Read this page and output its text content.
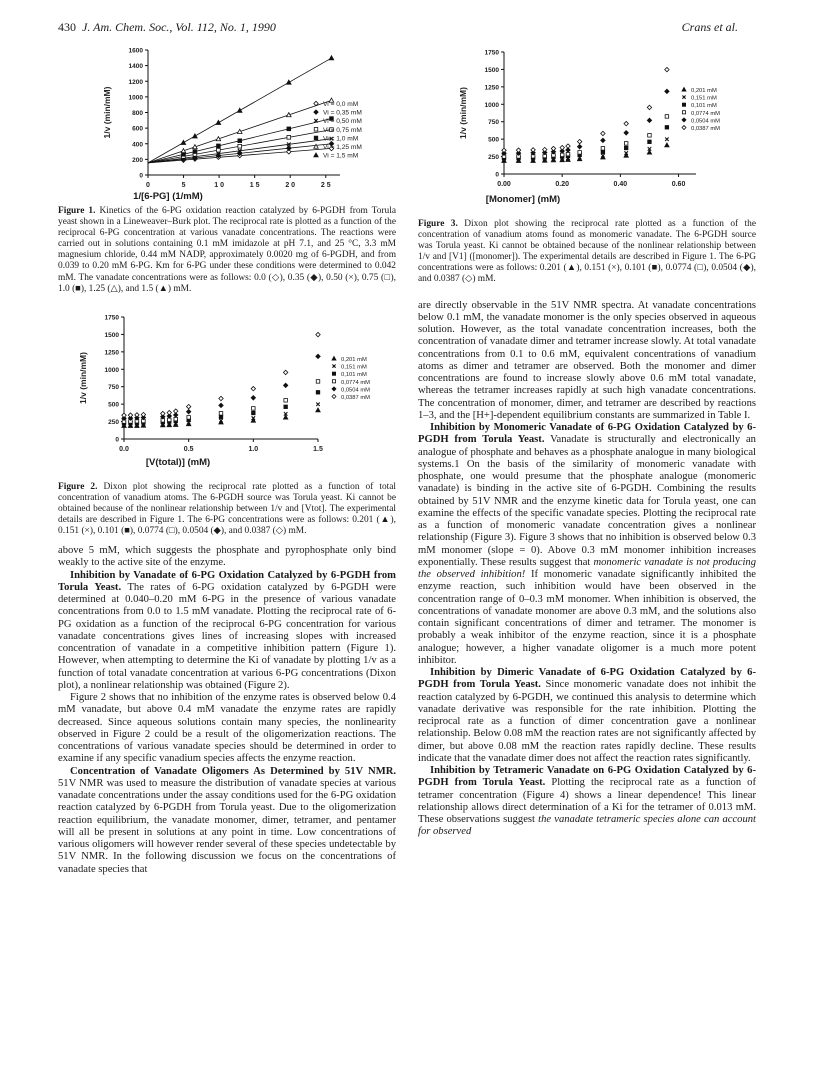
430 J. Am. Chem. Soc., Vol. 112, No. 1, 1990	Crans et al.
0
200
400
600
800
1000
1200
1400
1600
0	5	1 0	1 5	2 0	2 5
1/v (min/mM)	Vi = 0,0 mM
Vi = 0,35 mM
Vi = 0,50 mM
Vi = 0,75 mM
Vi = 1,0 mM
Vi = 1,25 mM
Vi = 1,5 mM
1/[6-PG] (1/mM)

Figure 1. Kinetics of the 6-PG oxidation reaction catalyzed by 6-PGDH from Torula yeast shown in a Lineweaver–Burk plot. The reciprocal rate is plotted as a function of the reciprocal 6-PG concentration at various vanadate concentrations. The reactions were carried out in solutions containing 0.1 mM imidazole at pH 7.1, and 25 °C, 3.3 mM magnesium chloride, 0.44 mM NADP, approximately 0.0020 mg of 6-PGDH, and from 0.039 to 0.20 mM 6-PG. Km for 6-PG under these conditions were determined to 0.042 mM. The vanadate concentrations were as follows: 0.0 (◇), 0.35 (◆), 0.50 (×), 0.75 (□), 1.0 (■), 1.25 (△), and 1.5 (▲) mM.

0
250
500
750
1000
1250
1500
1750
0.0	0.5	1.0	1.5
1/v (min/mM)	0,201 mM
0,151 mM
0,101 mM
0,0774 mM
0,0504 mM
0,0387 mM
[V(total)] (mM)

Figure 2. Dixon plot showing the reciprocal rate plotted as a function of total concentration of vanadium atoms. The 6-PGDH source was Torula yeast. Ki cannot be obtained because of the nonlinear relationship between 1/v and [Vtot]. The experimental details are described in Figure 1. The 6-PG concentrations were as follows: 0.201 (▲), 0.151 (×), 0.101 (■), 0.0774 (□), 0.0504 (◆), and 0.0387 (◇) mM.

above 5 mM, which suggests the phosphate and pyrophosphate only bind weakly to the active site of the enzyme.

Inhibition by Vanadate of 6-PG Oxidation Catalyzed by 6-PGDH from Torula Yeast. The rates of 6-PG oxidation catalyzed by 6-PGDH were determined at 0.040–0.20 mM 6-PG in the presence of various vanadate concentrations from 0.0 to 1.5 mM vanadate. Plotting the reciprocal rate of 6-PG oxidation as a function of the reciprocal 6-PG concentration for various vanadate concentrations gives lines of increasing slopes with increased concentration of vanadate in a competitive inhibition pattern (Figure 1). However, when attempting to determine the Ki of vanadate by plotting 1/v as a function of total vanadate concentration at various 6-PG concentrations (Dixon plot), a nonlinear relationship was obtained (Figure 2).

Figure 2 shows that no inhibition of the enzyme rates is observed below 0.4 mM vanadate, but above 0.4 mM vanadate the enzyme rates are rapidly decreased. Since aqueous solutions contain many species, the nonlinearity observed in Figure 2 could be a result of the oligomerization reactions. The concentrations of various vanadate species should be determined in order to examine if any specific vanadium species affects the enzyme reaction.

Concentration of Vanadate Oligomers As Determined by 51V NMR. 51V NMR was used to measure the distribution of vanadate species at various vanadate concentrations under the assay conditions used for the 6-PG oxidation reaction catalyzed by 6-PGDH from Torula yeast. Due to the oligomerization reaction equilibrium, the vanadate monomer, dimer, tetramer, and pentamer will all be present in solutions at any point in time. Low concentrations of various oligomers will however render several of these species undetectable by 51V NMR. In the following discussion we focus on the concentrations of vanadate species that

0
250
500
750
1000
1250
1500
1750
0.00	0.20	0.40	0.60
1/v (min/mM)	0,201 mM
0,151 mM
0,101 mM
0,0774 mM
0,0504 mM
0,0387 mM
[Monomer] (mM)

Figure 3. Dixon plot showing the reciprocal rate plotted as a function of the concentration of vanadium atoms found as monomeric vanadate. The 6-PGDH source was Torula yeast. Ki cannot be obtained because of the nonlinear relationship between 1/v and [V1] ([monomer]). The experimental details are described in Figure 1. The 6-PG concentrations were as follows: 0.201 (▲), 0.151 (×), 0.101 (■), 0.0774 (□), 0.0504 (◆), and 0.0387 (◇) mM.

are directly observable in the 51V NMR spectra. At vanadate concentrations below 0.1 mM, the vanadate monomer is the only species observed in aqueous solution. However, as the total vanadate concentration increases, both the concentration of vanadate dimer and tetramer increase slowly. At total vanadate concentrations from 0.1 to 0.6 mM, equivalent concentrations of vanadium atoms as dimer and tetramer are observed. Both the monomer and dimer concentrations are found to increase slowly above 0.6 mM total vanadate, whereas the tetramer increases rapidly at such high vanadate concentrations. The concentration of monomer, dimer, and tetramer are described by reactions 1–3, and the [H+]-dependent equilibrium constants are summarized in Table I.

Inhibition by Monomeric Vanadate of 6-PG Oxidation Catalyzed by 6-PGDH from Torula Yeast. Vanadate is structurally and electronically an analogue of phosphate and behaves as a phosphate analogue in many biological systems.1 On the basis of the similarity of monomeric vanadate with phosphate, one would presume that the phosphate analogue (monomeric vanadate) is binding in the active site of 6-PGDH. Combining the results obtained by 51V NMR and the enzyme kinetic data for Torula yeast, one can examine the effects of the specific vanadate species. Plotting the reciprocal rate as a function of monomeric vanadate concentration gives a nonlinear relationship (Figure 3). Figure 3 shows that no inhibition is observed below 0.3 mM monomer (slope = 0). Above 0.3 mM monomer inhibition increases exponentially. These results suggest that monomeric vanadate is not producing the observed inhibition! If monomeric vanadate significantly inhibited the enzyme reaction, such inhibition would have been observed in the concentration range of 0–0.3 mM monomer. When inhibition is observed, the concentrations of vanadate monomer are above 0.3 mM, and the solutions also contain significant concentrations of dimer and tetramer. The monomer is probably a weak inhibitor of the enzyme reaction, since it is a phosphate analogue; however, a higher vanadate oligomer is a much more potent inhibitor.

Inhibition by Dimeric Vanadate of 6-PG Oxidation Catalyzed by 6-PGDH from Torula Yeast. Since monomeric vanadate does not inhibit the reaction catalyzed by 6-PGDH, we continued this analysis to determine which vanadate derivative was responsible for the rate inhibition. Plotting the reciprocal rate as a function of dimer concentration gave a nonlinear relationship. Below 0.08 mM the reaction rates are not significantly affected by dimer, but above 0.08 mM the reaction rates rapidly decline. These results indicate that the vanadate dimer does not affect the reaction rates significantly.

Inhibition by Tetrameric Vanadate on 6-PG Oxidation Catalyzed by 6-PGDH from Torula Yeast. Plotting the reciprocal rate as a function of tetramer concentration (Figure 4) shows a linear dependence! This linear relationship allows direct determination of a Ki for the tetramer of 0.013 mM. These observations suggest the vanadate tetrameric species alone can account for observed
